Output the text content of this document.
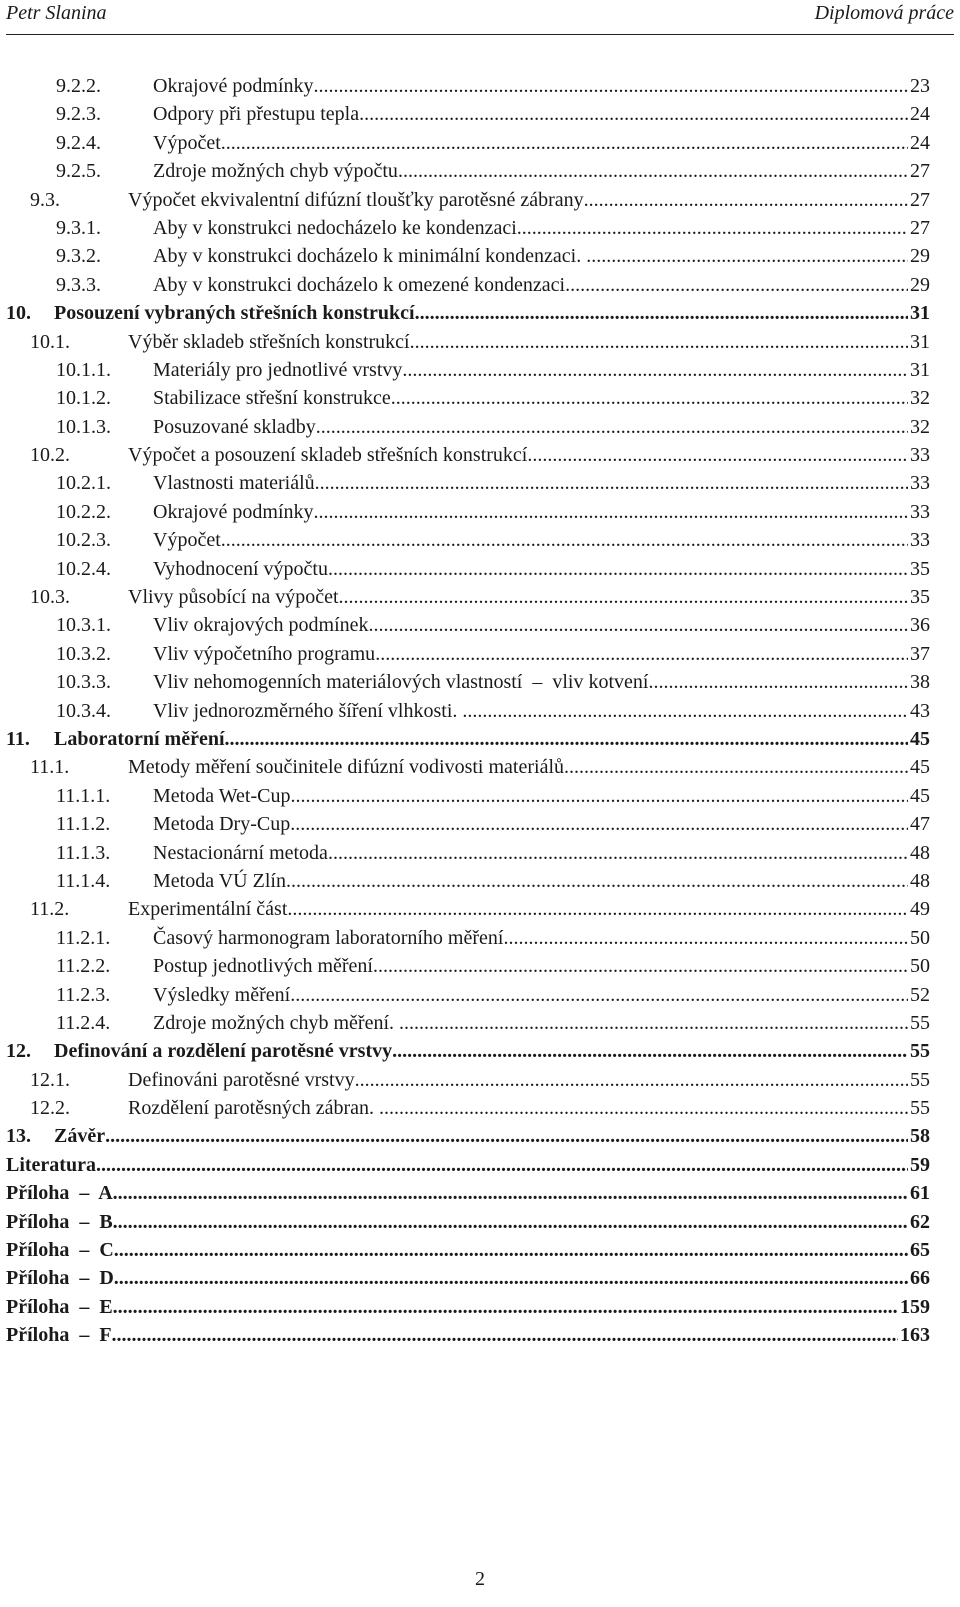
Petr Slanina	Diplomová práce
9.2.2.	Okrajové podmínky .....	23
9.2.3.	Odpory při přestupu tepla .....	24
9.2.4.	Výpočet. .....	24
9.2.5.	Zdroje možných chyb výpočtu .....	27
9.3.	Výpočet ekvivalentní difúzní tloušťky parotěsné zábrany .....	27
9.3.1.	Aby v konstrukci nedocházelo ke kondenzaci .....	27
9.3.2.	Aby v konstrukci docházelo k minimální kondenzaci. .....	29
9.3.3.	Aby v konstrukci docházelo k omezené kondenzaci. .....	29
10. Posouzení vybraných střešních konstrukcí .....	31
10.1.	Výběr skladeb střešních konstrukcí .....	31
10.1.1. Materiály pro jednotlivé vrstvy .....	31
10.1.2. Stabilizace střešní konstrukce .....	32
10.1.3. Posuzované skladby .....	32
10.2.	Výpočet a posouzení skladeb střešních konstrukcí .....	33
10.2.1. Vlastnosti materiálů .....	33
10.2.2. Okrajové podmínky .....	33
10.2.3. Výpočet .....	33
10.2.4. Vyhodnocení výpočtu .....	35
10.3.	Vlivy působící na výpočet .....	35
10.3.1. Vliv okrajových podmínek .....	36
10.3.2. Vliv výpočetního programu .....	37
10.3.3. Vliv nehomogenních materiálových vlastností  –  vliv kotvení .....	38
10.3.4. Vliv jednorozměrného šíření vlhkosti. .....	43
11. Laboratorní měření .....	45
11.1.	Metody měření součinitele difúzní vodivosti materiálů .....	45
11.1.1. Metoda Wet-Cup .....	45
11.1.2. Metoda Dry-Cup .....	47
11.1.3. Nestacionární metoda .....	48
11.1.4. Metoda VÚ Zlín .....	48
11.2.	Experimentální část .....	49
11.2.1. Časový harmonogram laboratorního měření .....	50
11.2.2. Postup jednotlivých měření .....	50
11.2.3. Výsledky měření .....	52
11.2.4. Zdroje možných chyb měření. .....	55
12. Definování a rozdělení parotěsné vrstvy .....	55
12.1.	Definováni parotěsné vrstvy .....	55
12.2.	Rozdělení parotěsných zábran. .....	55
13. Závěr .....	58
Literatura .....	59
Příloha  –  A .....	61
Příloha  –  B .....	62
Příloha  –  C .....	65
Příloha  –  D .....	66
Příloha  –  E .....	159
Příloha  –  F .....	163
2
